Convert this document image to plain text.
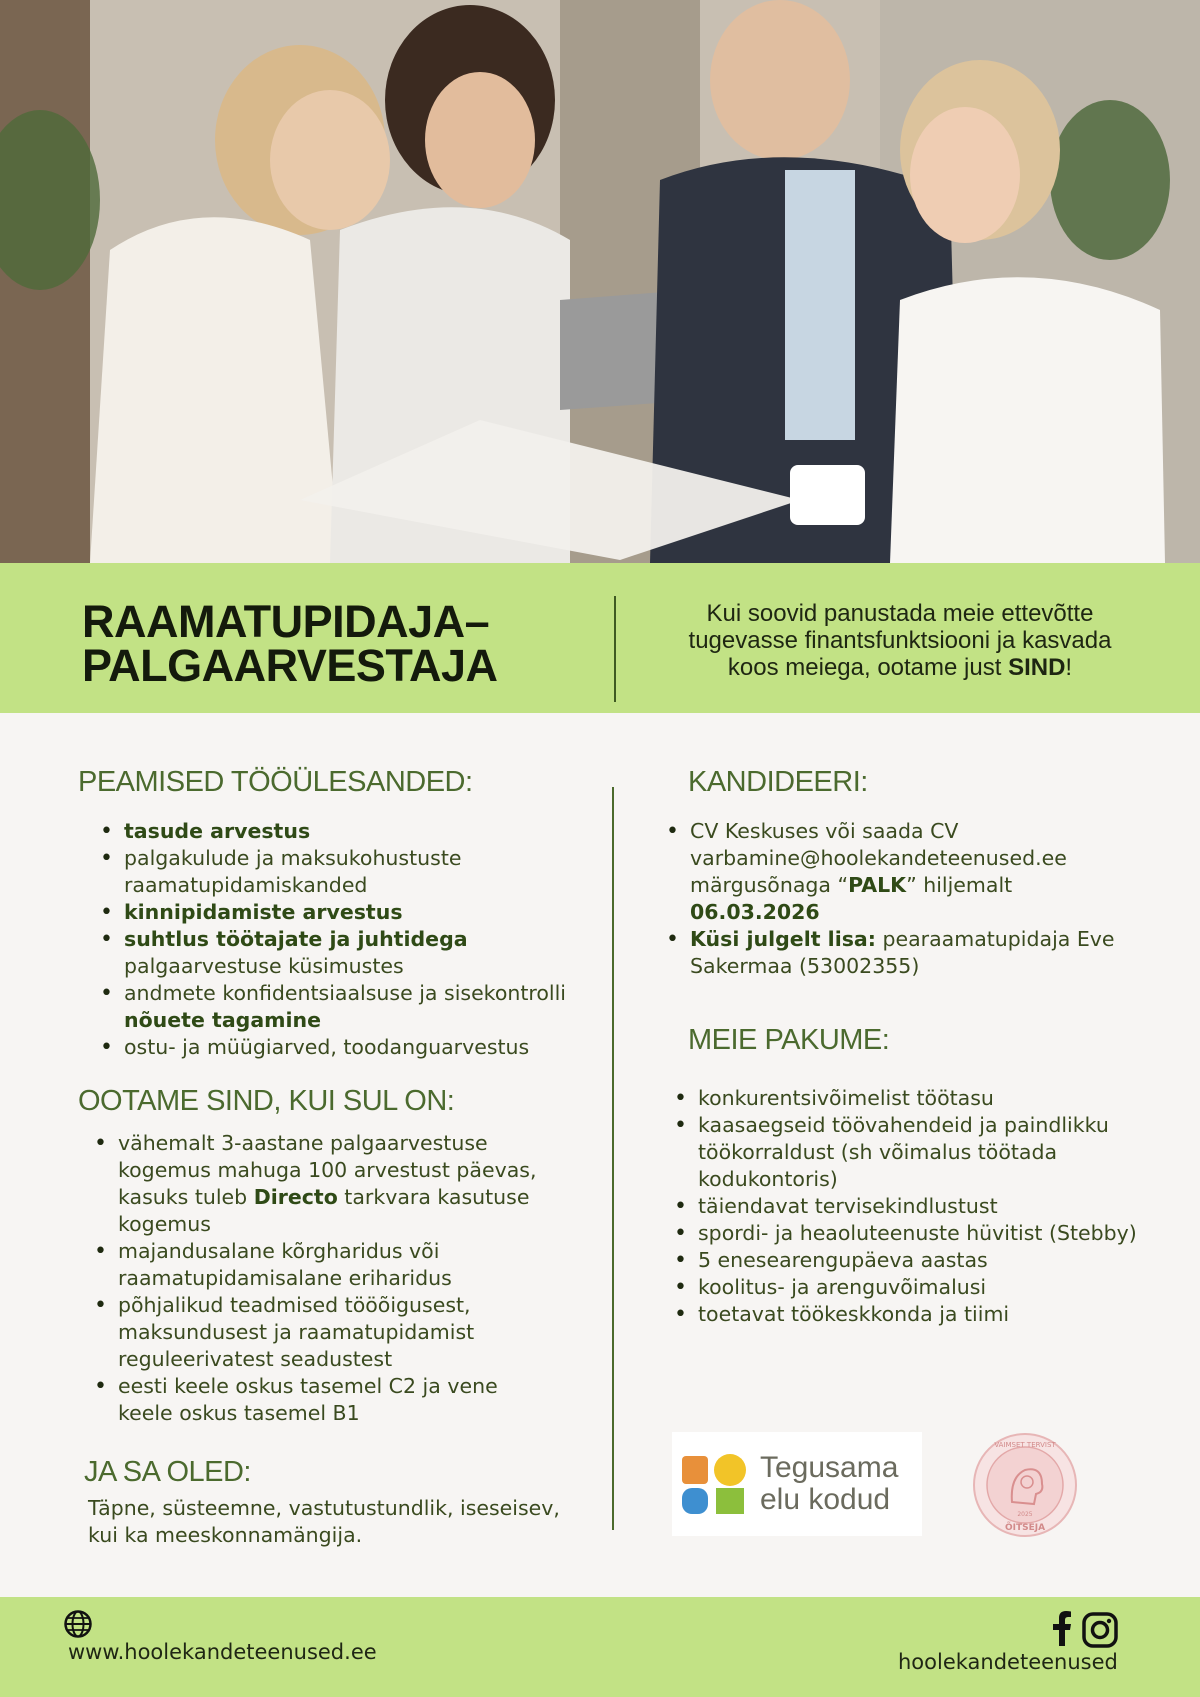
RAAMATUPIDAJA–
PALGAARVESTAJA
Kui soovid panustada meie ettevõtte
tugevasse finantsfunktsiooni ja kasvada
koos meiega, ootame just SIND!
PEAMISED TÖÖÜLESANDED:
• tasude arvestus
• palgakulude ja maksukohustuste raamatupidamiskanded
• kinnipidamiste arvestus
• suhtlus töötajate ja juhtidega
palgaarvestuse küsimustes
• andmete konfidentsiaalsuse ja sisekontrolli
nõuete tagamine
• ostu- ja müügiarved, toodanguarvestus
OOTAME SIND, KUI SUL ON:
• vähemalt 3-aastane palgaarvestuse kogemus mahuga 100 arvestust päevas, kasuks tuleb Directo tarkvara kasutuse kogemus
• majandusalane kõrgharidus või raamatupidamisalane eriharidus
• põhjalikud teadmised tööõigusest, maksundusest ja raamatupidamist reguleerivatest seadustest
• eesti keele oskus tasemel C2 ja vene keele oskus tasemel B1
JA SA OLED:
Täpne, süsteemne, vastutustundlik, iseseisev, kui ka meeskonnamängija.
KANDIDEERI:
• CV Keskuses või saada CV
varbamine@hoolekandeteenused.ee
märgusõnaga “PALK” hiljemalt
06.03.2026
• Küsi julgelt lisa: pearaamatupidaja Eve Sakermaa (53002355)
MEIE PAKUME:
• konkurentsivõimelist töötasu
• kaasaegseid töövahendeid ja paindlikku töökorraldust (sh võimalus töötada kodukontoris)
• täiendavat tervisekindlustust
• spordi- ja heaoluteenuste hüvitist (Stebby)
• 5 enesearengupäeva aastas
• koolitus- ja arenguvõimalusi
• toetavat töökeskkonda ja tiimi
Tegusama
elu kodud
VAIMSET TERVIST
2025
ÕITSEJA
www.hoolekandeteenused.ee	hoolekandeteenused
